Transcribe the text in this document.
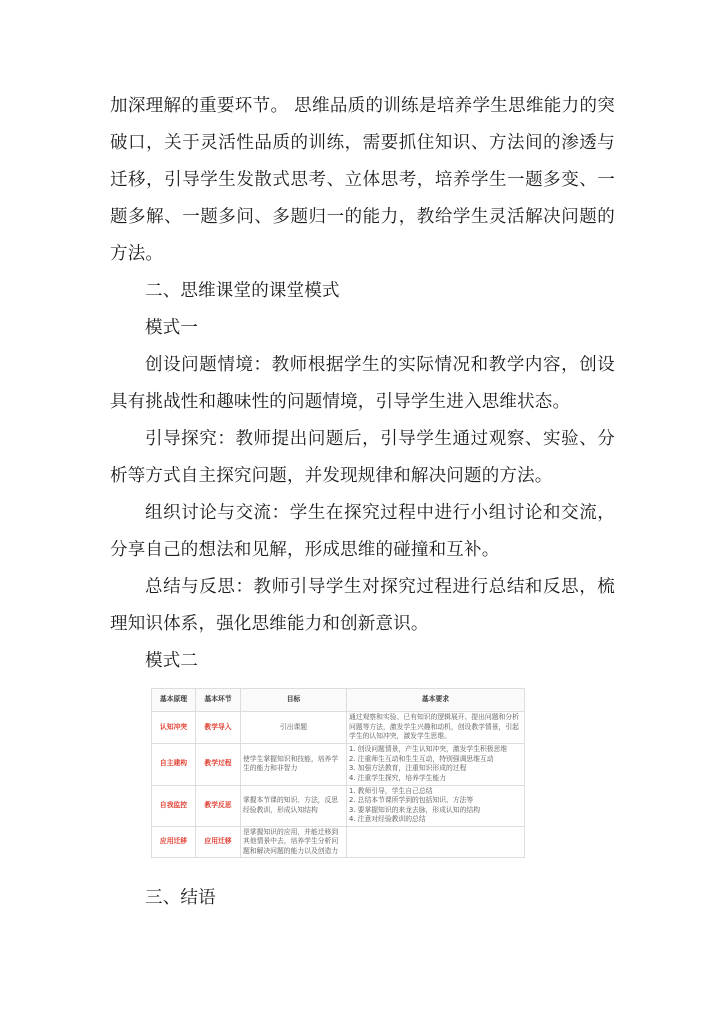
加深理解的重要环节。 思维品质的训练是培养学生思维能力的突破口，关于灵活性品质的训练，需要抓住知识、方法间的渗透与迁移，引导学生发散式思考、立体思考，培养学生一题多变、一题多解、一题多问、多题归一的能力，教给学生灵活解决问题的方法。

二、思维课堂的课堂模式

模式一

创设问题情境：教师根据学生的实际情况和教学内容，创设具有挑战性和趣味性的问题情境，引导学生进入思维状态。

引导探究：教师提出问题后，引导学生通过观察、实验、分析等方式自主探究问题，并发现规律和解决问题的方法。

组织讨论与交流：学生在探究过程中进行小组讨论和交流，分享自己的想法和见解，形成思维的碰撞和互补。

总结与反思：教师引导学生对探究过程进行总结和反思，梳理知识体系，强化思维能力和创新意识。

模式二

基本原理	基本环节	目标	基本要求
认知冲突	教学导入	引出课题	通过观察和实验、已有知识的逻辑展开、提出问题和分析问题等方法，激发学生兴趣和动机，创设教学情景，引起学生的认知冲突，激发学生思维。
自主建构	教学过程	使学生掌握知识和技能，培养学生的能力和非智力	1. 创设问题情景，产生认知冲突，激发学生积极思维
2. 注重师生互动和生生互动，特别强调思维互动
3. 加强方法教育，注重知识形成的过程
4. 注重学生探究，培养学生能力
自我监控	教学反思	掌握本节课的知识、方法，反思经验教训，形成认知结构	1. 教师引导，学生自己总结
2. 总结本节课所学到的包括知识、方法等
3. 要掌握知识的来龙去脉，形成认知的结构
4. 注意对经验教训的总结
应用迁移	应用迁移	是掌握知识的应用，并能迁移到其他情景中去，培养学生分析问题和解决问题的能力以及创造力	
三、结语
